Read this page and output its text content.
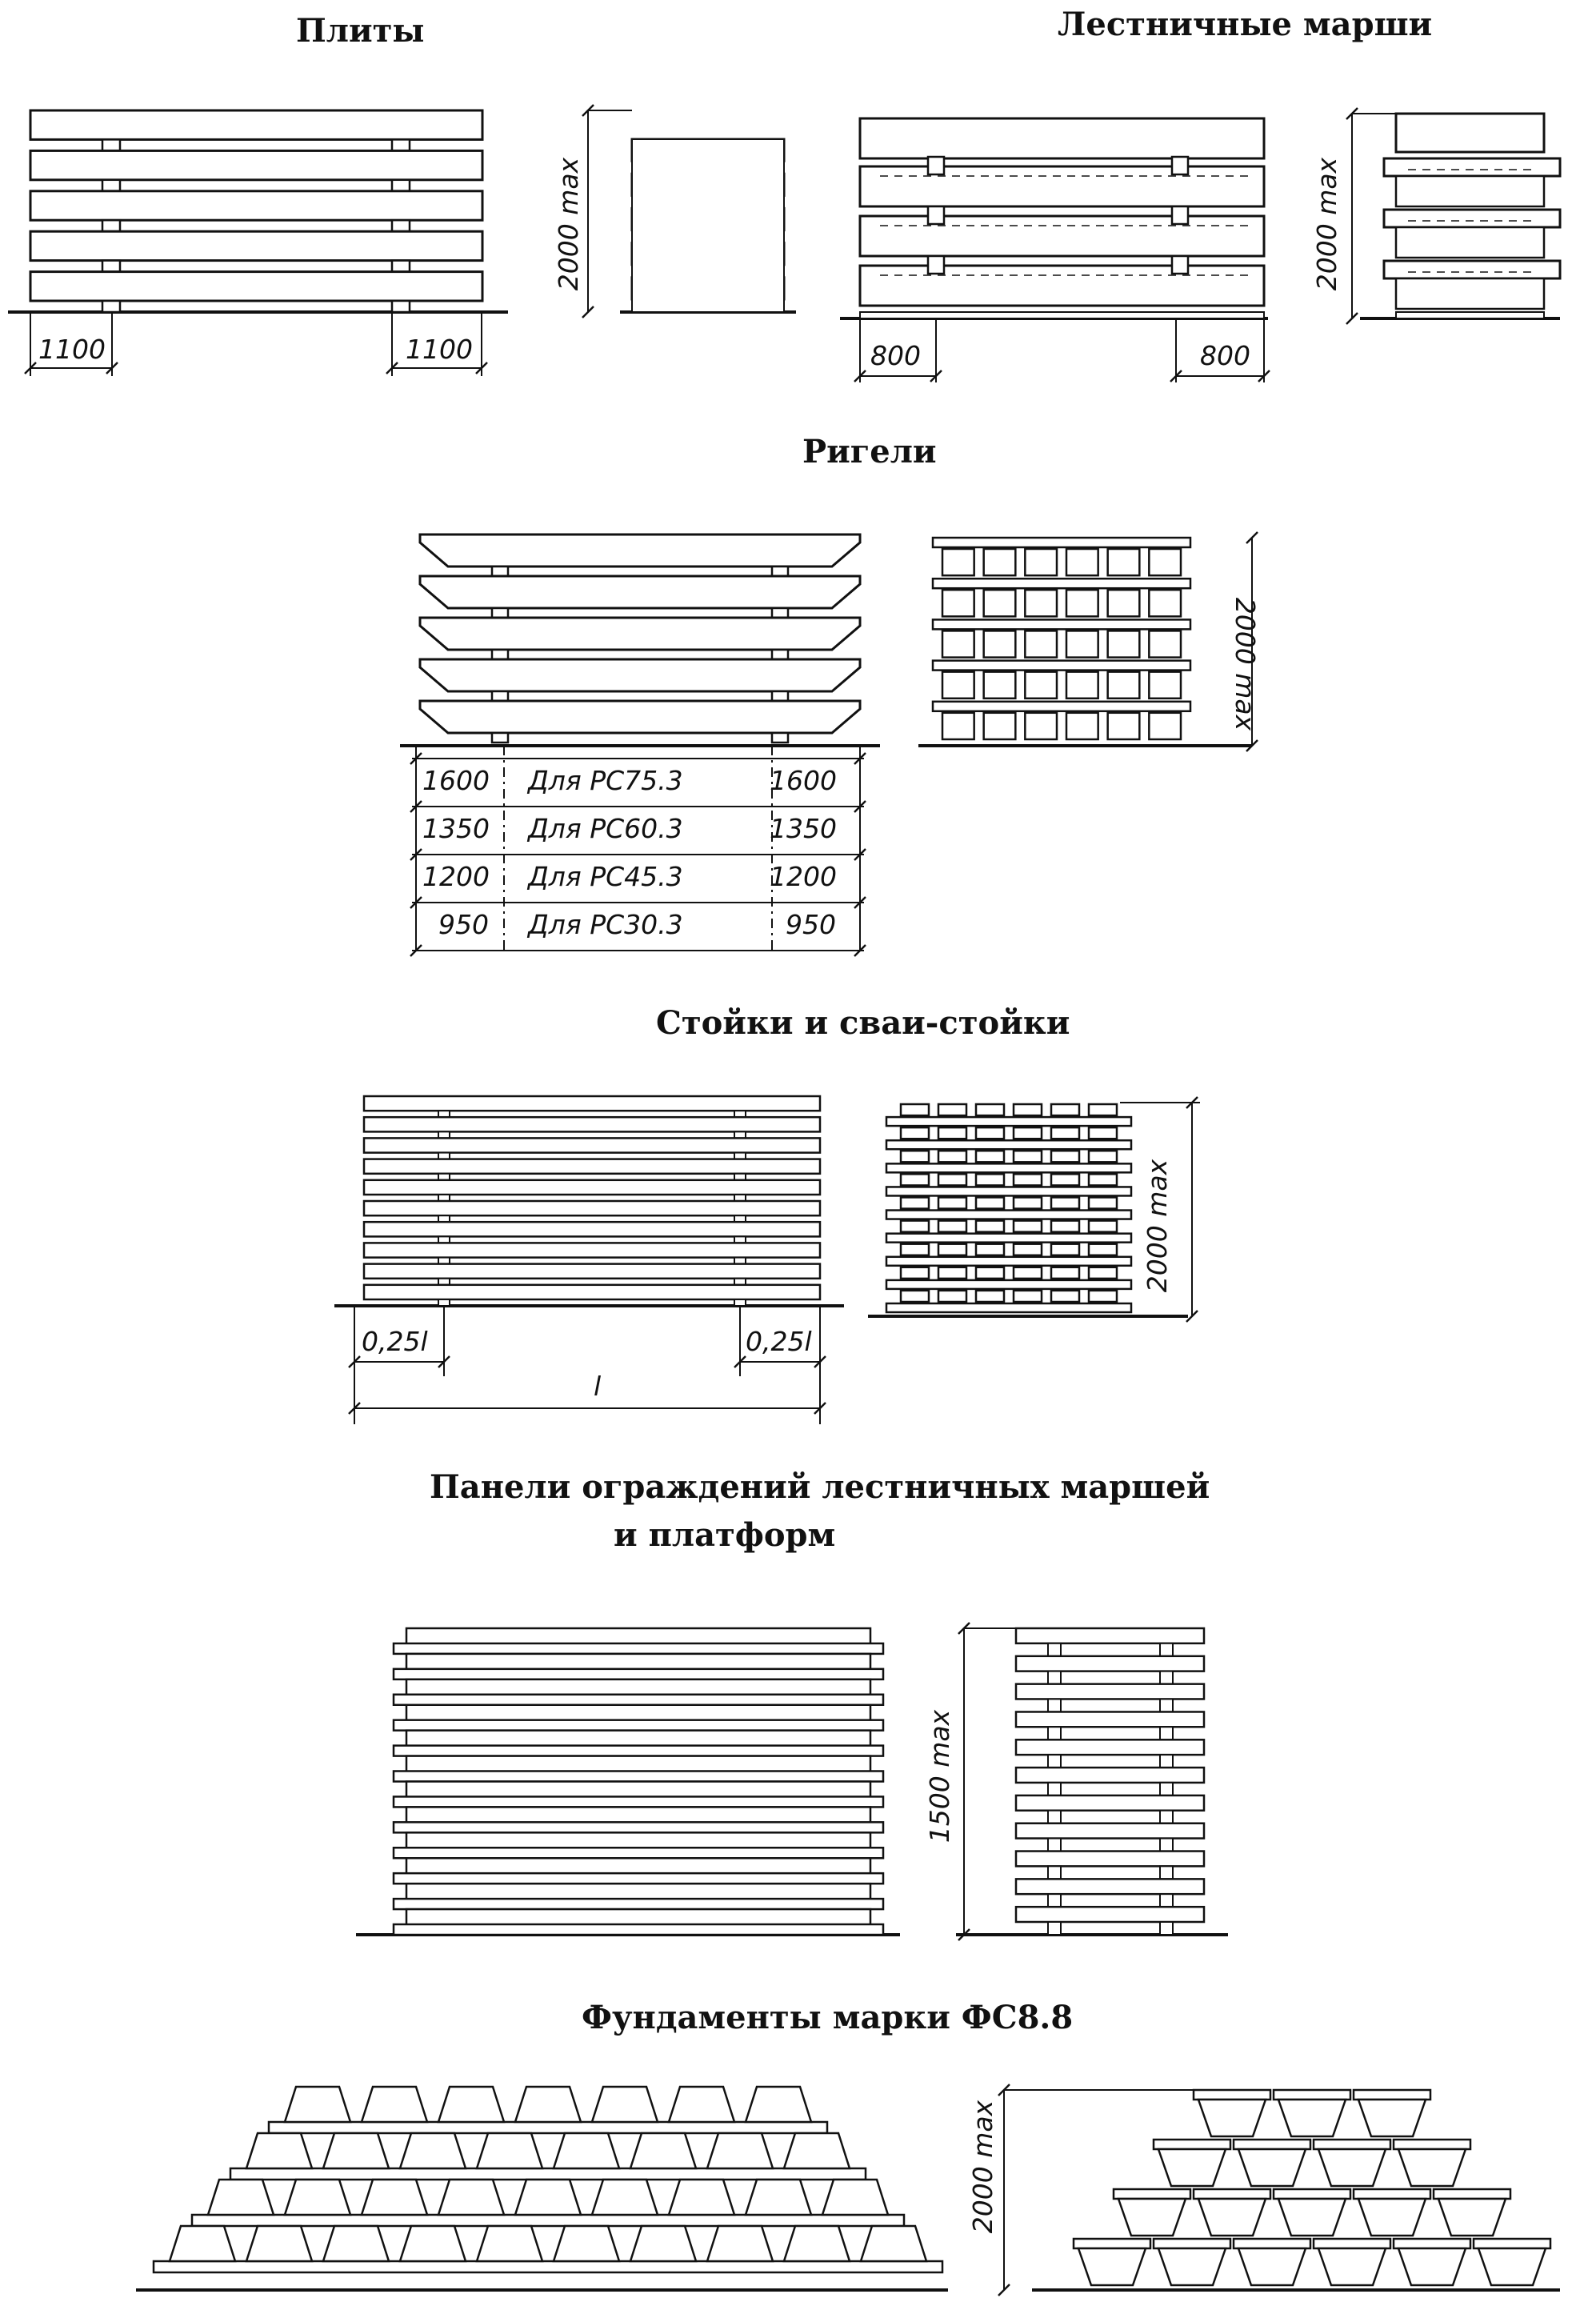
Плиты	Лестничные марши
Ригели
Стойки и сваи-стойки
Панели ограждений лестничных маршей
и платформ
Фундаменты марки ФС8.8
1100	1100
2000 max
800	800
2000 max
2000 max
1600 Для РС75.3	1600
1350 Для РС60.3	1350
1200 Для РС45.3	1200
950 Для РС30.3	950
0,25l	0,25l
l
2000 max
1500 max
2000 max
